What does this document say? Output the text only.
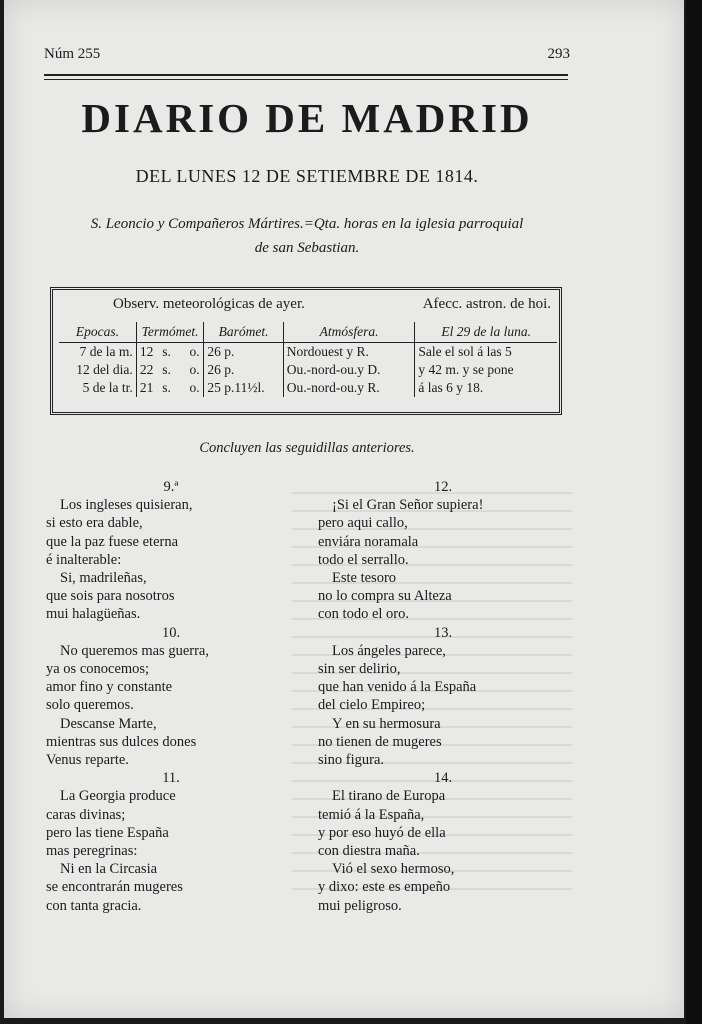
Núm 255	293
DIARIO DE MADRID
DEL LUNES 12 DE SETIEMBRE DE 1814.
S. Leoncio y Compañeros Mártires.=Qta. horas en la iglesia parroquial
de san Sebastian.
Observ. meteorológicas de ayer.	Afecc. astron. de hoi.
Epocas.	Termómet.			Barómet.	Atmósfera.	El 29 de la luna.
7 de la m.	12	s.	o.	26 p.	Nordouest y R.	Sale el sol á las 5
12 del dia.	22	s.	o.	26 p.	Ou.-nord-ou.y D.	y 42 m. y se pone
5 de la tr.	21	s.	o.	25 p.11½l.	Ou.-nord-ou.y R.	á las 6 y 18.
Concluyen las seguidillas anteriores.
9.ª
Los ingleses quisieran,
si esto era dable,
que la paz fuese eterna
é inalterable:
Si, madrileñas,
que sois para nosotros
mui halagüeñas.
10.
No queremos mas guerra,
ya os conocemos;
amor fino y constante
solo queremos.
Descanse Marte,
mientras sus dulces dones
Venus reparte.
11.
La Georgia produce
caras divinas;
pero las tiene España
mas peregrinas:
Ni en la Circasia
se encontrarán mugeres
con tanta gracia.
12.
¡Si el Gran Señor supiera!
pero aqui callo,
enviára noramala
todo el serrallo.
Este tesoro
no lo compra su Alteza
con todo el oro.
13.
Los ángeles parece,
sin ser delirio,
que han venido á la España
del cielo Empireo;
Y en su hermosura
no tienen de mugeres
sino figura.
14.
El tirano de Europa
temió á la España,
y por eso huyó de ella
con diestra maña.
Vió el sexo hermoso,
y dixo: este es empeño
mui peligroso.
